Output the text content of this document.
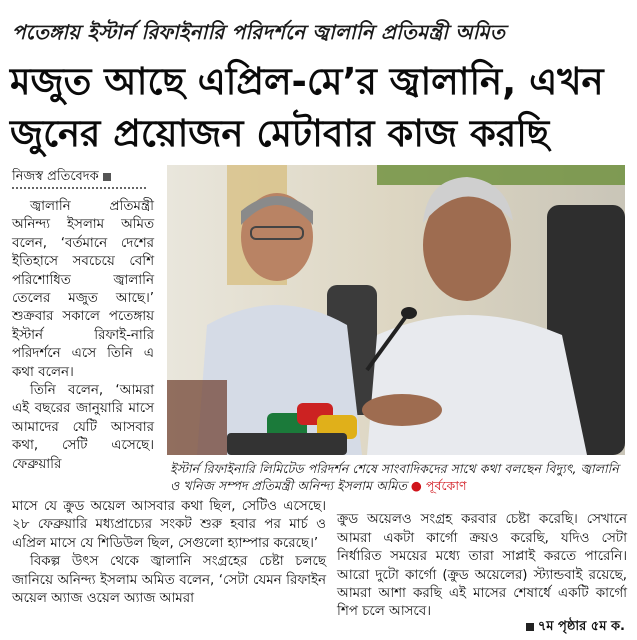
পতেঙ্গায় ইস্টার্ন রিফাইনারি পরিদর্শনে জ্বালানি প্রতিমন্ত্রী অমিত
মজুত আছে এপ্রিল-মে’র জ্বালানি, এখন
জুনের প্রয়োজন মেটাবার কাজ করছি
নিজস্ব প্রতিবেদক

জ্বালানি প্রতিমন্ত্রী অনিন্দ্য ইসলাম অমিত বলেন, ‘বর্তমানে দেশের ইতিহাসে সবচেয়ে বেশি পরিশোধিত জ্বালানি তেলের মজুত আছে।’ শুক্রবার সকালে পতেঙ্গায় ইস্টার্ন রিফাই-নারি পরিদর্শনে এসে তিনি এ কথা বলেন।

তিনি বলেন, ‘আমরা এই বছরের জানুয়ারি মাসে আমাদের যেটি আসবার কথা, সেটি এসেছে। ফেব্রুয়ারি	ইস্টার্ন রিফাইনারি লিমিটেড পরিদর্শন শেষে সাংবাদিকদের সাথে কথা বলছেন বিদ্যুৎ, জ্বালানি ও খনিজ সম্পদ প্রতিমন্ত্রী অনিন্দ্য ইসলাম অমিত ● পূর্বকোণ

মাসে যে ক্রুড অয়েল আসবার কথা ছিল, সেটিও এসেছে। ২৮ ফেব্রুয়ারি মধ্যপ্রাচ্যের সংকট শুরু হবার পর মার্চ ও এপ্রিল মাসে যে শিডিউল ছিল, সেগুলো হ্যাম্পার করেছে।’

বিকল্প উৎস থেকে জ্বালানি সংগ্রহের চেষ্টা চলছে জানিয়ে অনিন্দ্য ইসলাম অমিত বলেন, ‘সেটা যেমন রিফাইন অয়েল অ্যাজ ওয়েল অ্যাজ আমরা

ক্রুড অয়েলও সংগ্রহ করবার চেষ্টা করেছি। সেখানে আমরা একটা কার্গো ক্রয়ও করেছি, যদিও সেটা নির্ধারিত সময়ের মধ্যে তারা সাপ্লাই করতে পারেনি। আরো দুটো কার্গো (ক্রুড অয়েলের) স্ট্যান্ডবাই রয়েছে, আমরা আশা করছি এই মাসের শেষার্ধে একটি কার্গো শিপ চলে আসবে।

৭ম পৃষ্ঠার ৫ম ক.
